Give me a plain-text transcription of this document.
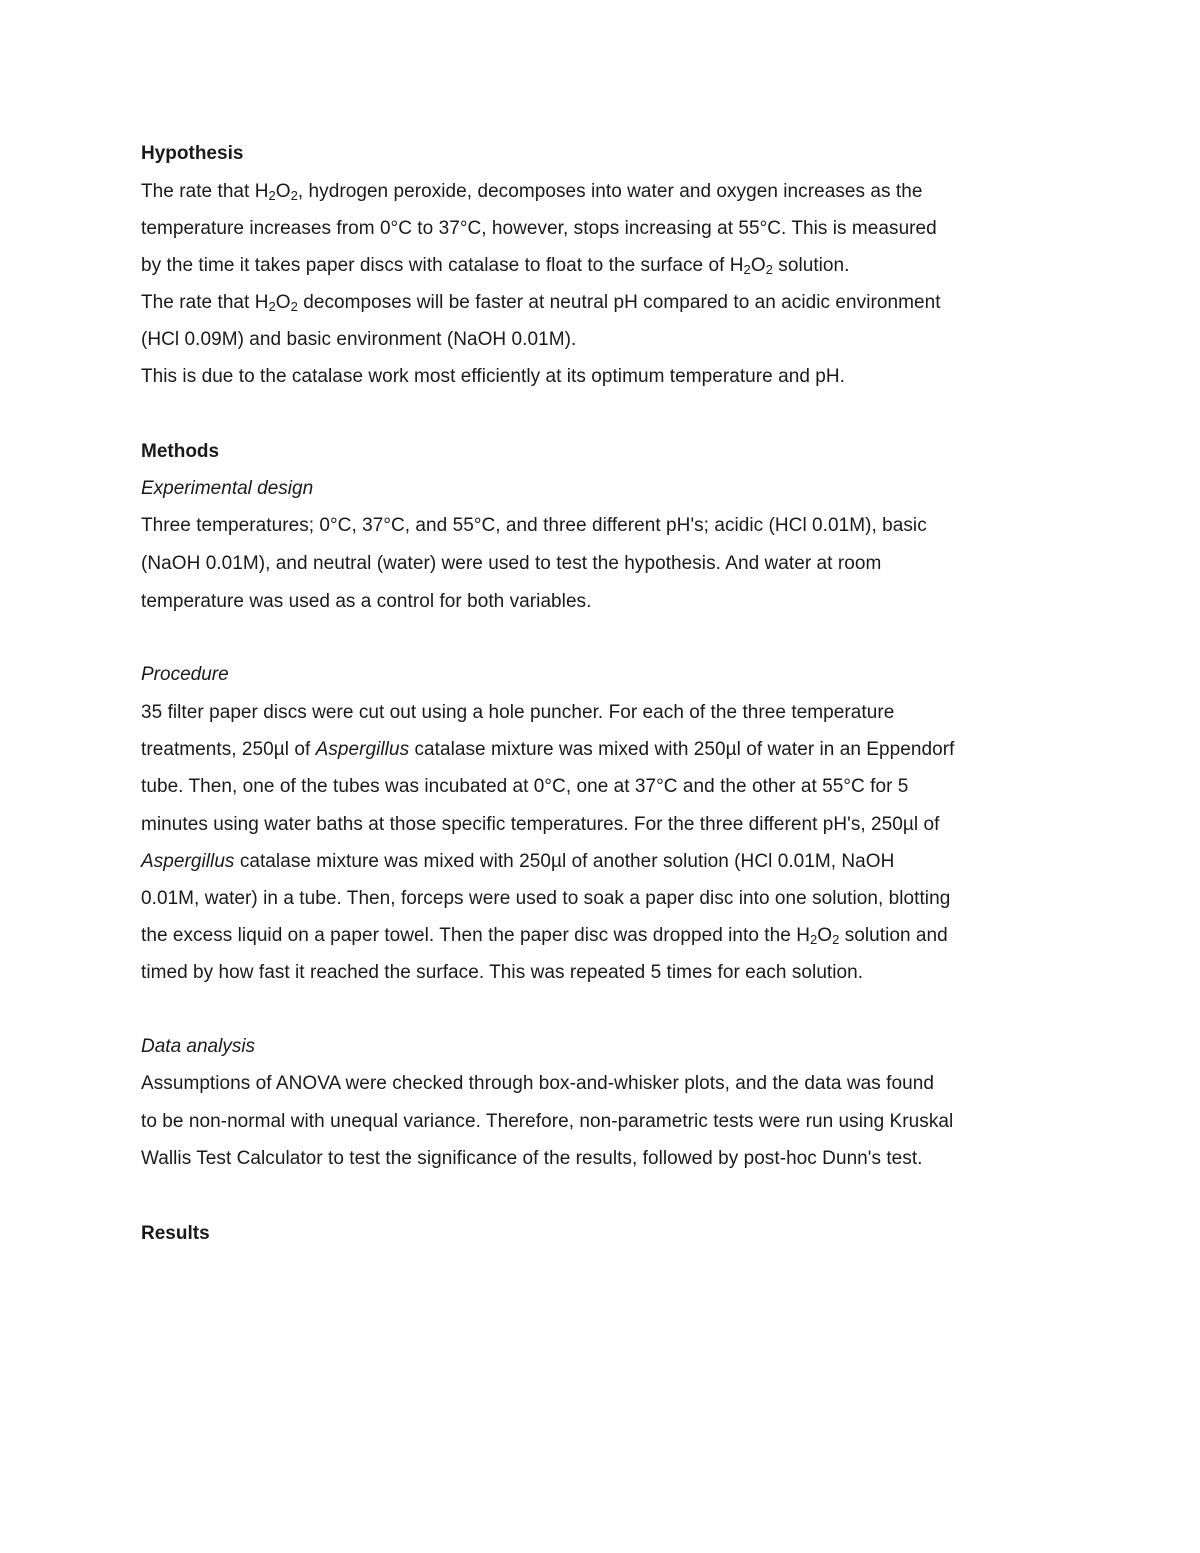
Hypothesis
The rate that $H_2O_2$, hydrogen peroxide, decomposes into water and oxygen increases as the
temperature increases from 0°C to 37°C, however, stops increasing at 55°C. This is measured
by the time it takes paper discs with catalase to float to the surface of $H_2O_2$ solution.
The rate that $H_2O_2$ decomposes will be faster at neutral pH compared to an acidic environment
(HCl 0.09M) and basic environment (NaOH 0.01M).
This is due to the catalase work most efficiently at its optimum temperature and pH.
Methods
Experimental design
Three temperatures; 0°C, 37°C, and 55°C, and three different pH's; acidic (HCl 0.01M), basic
(NaOH 0.01M), and neutral (water) were used to test the hypothesis. And water at room
temperature was used as a control for both variables.
Procedure
35 filter paper discs were cut out using a hole puncher. For each of the three temperature
treatments, 250µl of Aspergillus catalase mixture was mixed with 250µl of water in an Eppendorf
tube. Then, one of the tubes was incubated at 0°C, one at 37°C and the other at 55°C for 5
minutes using water baths at those specific temperatures. For the three different pH's, 250µl of
Aspergillus catalase mixture was mixed with 250µl of another solution (HCl 0.01M, NaOH
0.01M, water) in a tube. Then, forceps were used to soak a paper disc into one solution, blotting
the excess liquid on a paper towel. Then the paper disc was dropped into the $H_2O_2$ solution and
timed by how fast it reached the surface. This was repeated 5 times for each solution.
Data analysis
Assumptions of ANOVA were checked through box-and-whisker plots, and the data was found
to be non-normal with unequal variance. Therefore, non-parametric tests were run using Kruskal
Wallis Test Calculator to test the significance of the results, followed by post-hoc Dunn's test.
Results
